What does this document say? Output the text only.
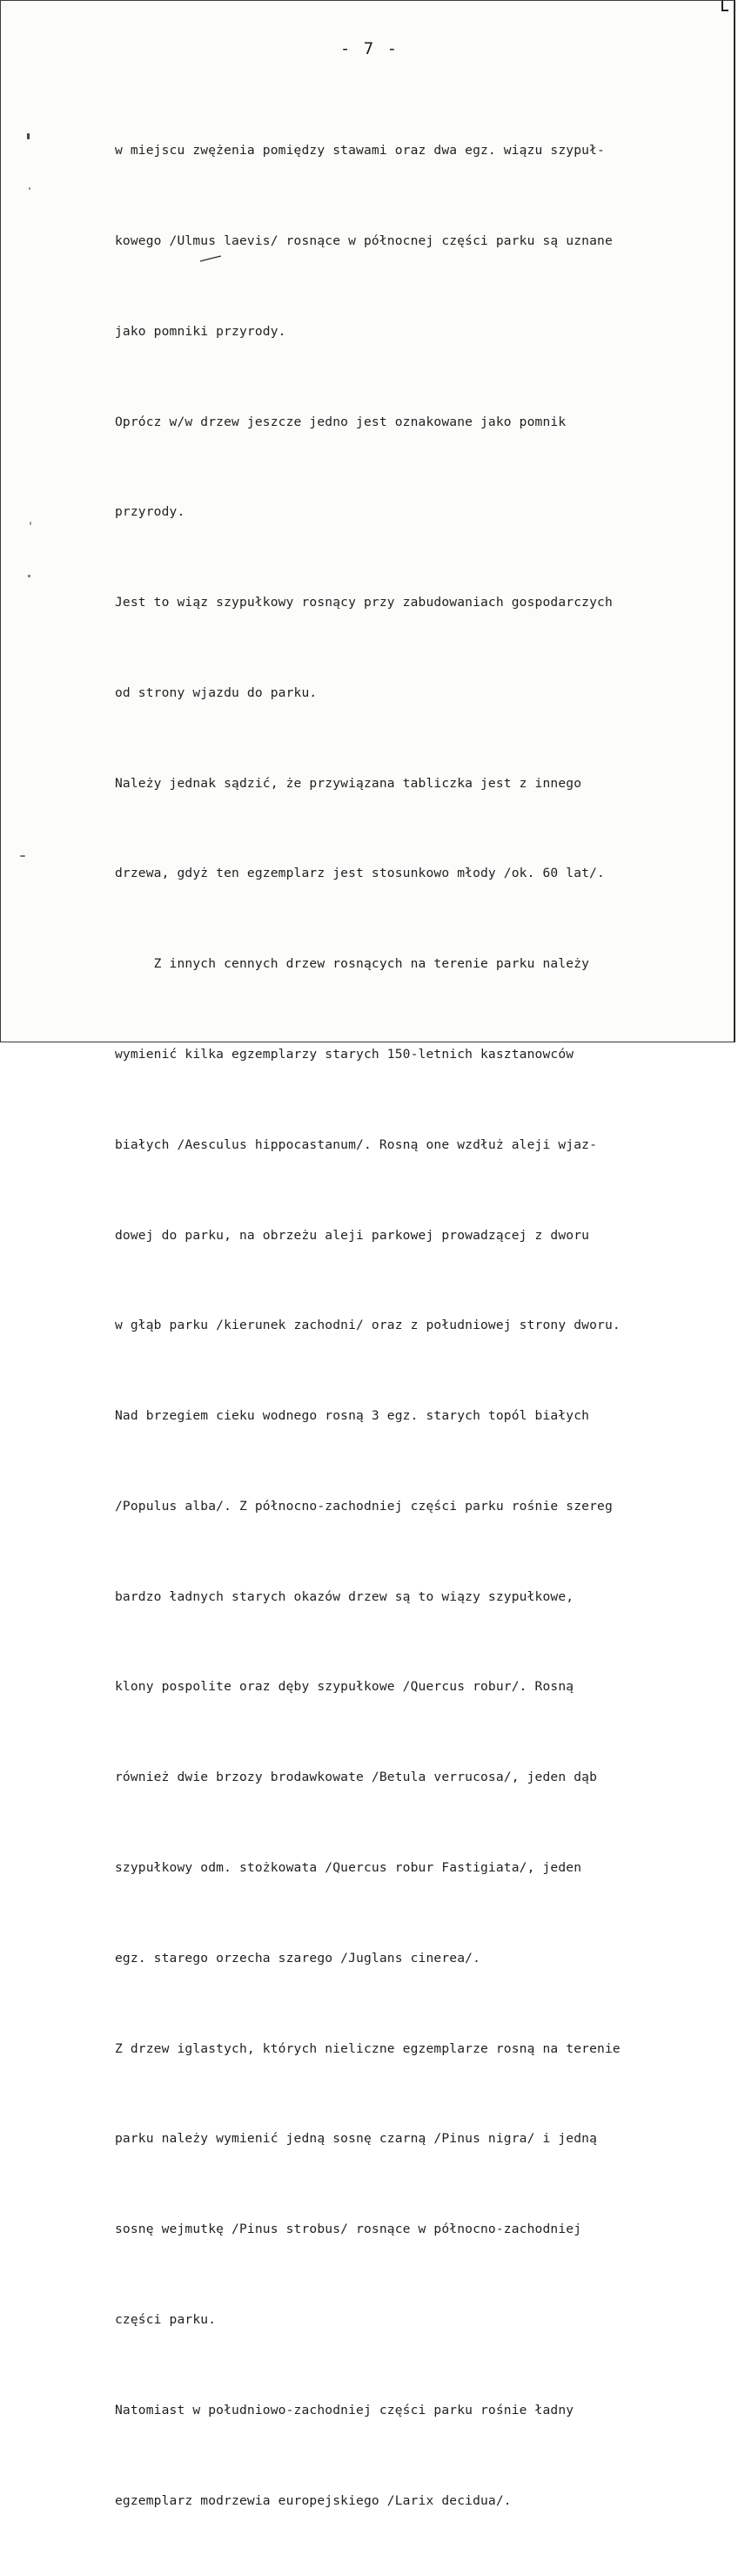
- 7 -

w miejscu zwężenia pomiędzy stawami oraz dwa egz. wiązu szypuł-

kowego /Ulmus laevis/ rosnące w północnej części parku są uznane

jako pomniki przyrody.

Oprócz w/w drzew jeszcze jedno jest oznakowane jako pomnik

przyrody.

Jest to wiąz szypułkowy rosnący przy zabudowaniach gospodarczych

od strony wjazdu do parku.

Należy jednak sądzić, że przywiązana tabliczka jest z innego

drzewa, gdyż ten egzemplarz jest stosunkowo młody /ok. 60 lat/.

Z innych cennych drzew rosnących na terenie parku należy

wymienić kilka egzemplarzy starych 150-letnich kasztanowców

białych /Aesculus hippocastanum/. Rosną one wzdłuż aleji wjaz-

dowej do parku, na obrzeżu aleji parkowej prowadzącej z dworu

w głąb parku /kierunek zachodni/ oraz z południowej strony dworu.

Nad brzegiem cieku wodnego rosną 3 egz. starych topól białych

/Populus alba/. Z północno-zachodniej części parku rośnie szereg

bardzo ładnych starych okazów drzew są to wiązy szypułkowe,

klony pospolite oraz dęby szypułkowe /Quercus robur/. Rosną

również dwie brzozy brodawkowate /Betula verrucosa/, jeden dąb

szypułkowy odm. stożkowata /Quercus robur Fastigiata/, jeden

egz. starego orzecha szarego /Juglans cinerea/.

Z drzew iglastych, których nieliczne egzemplarze rosną na terenie

parku należy wymienić jedną sosnę czarną /Pinus nigra/ i jedną

sosnę wejmutkę /Pinus strobus/ rosnące w północno-zachodniej

części parku.

Natomiast w południowo-zachodniej części parku rośnie ładny

egzemplarz modrzewia europejskiego /Larix decidua/.
